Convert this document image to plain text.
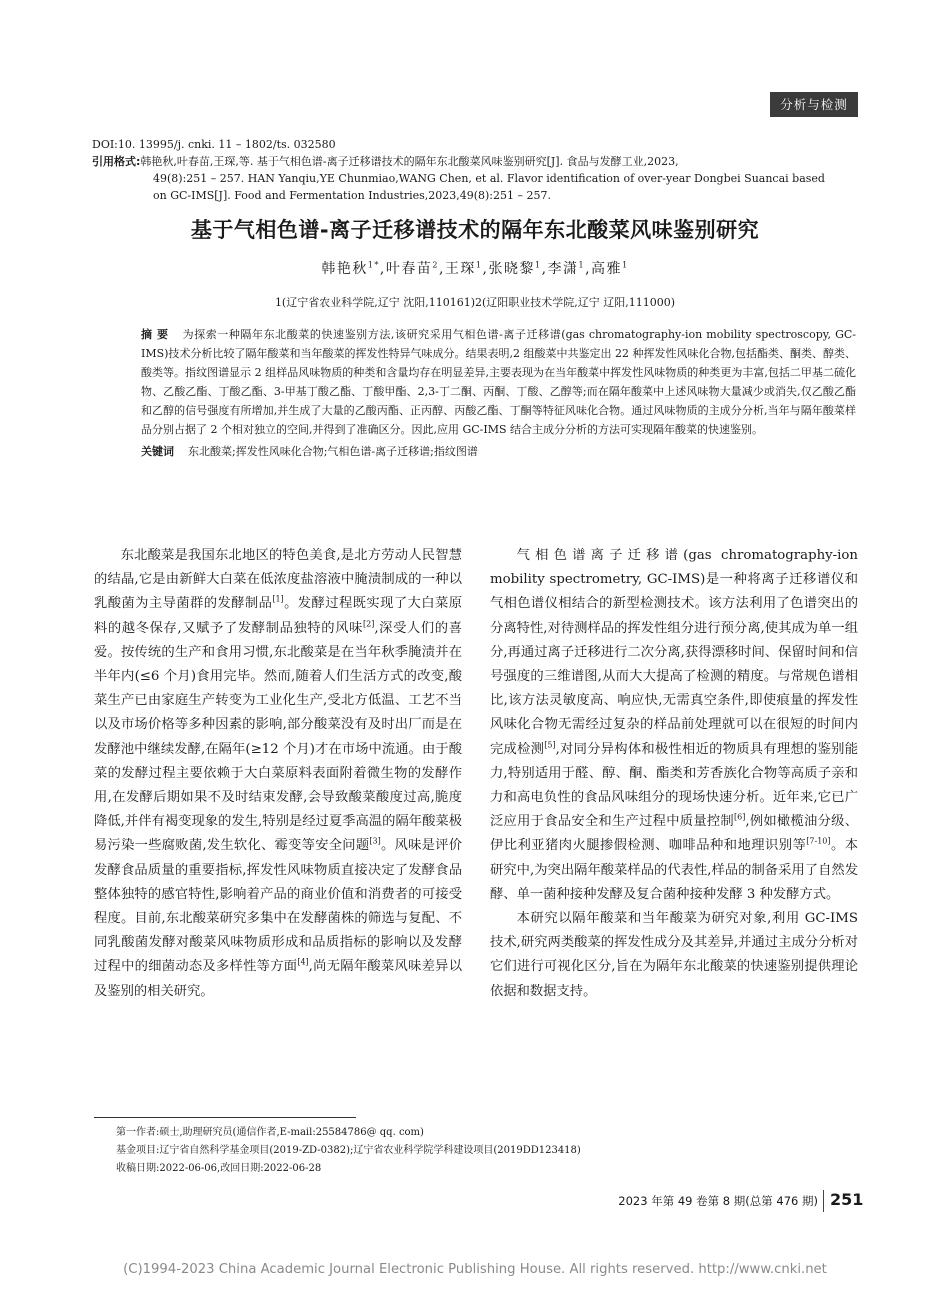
分析与检测
DOI:10. 13995/j. cnki. 11 – 1802/ts. 032580
引用格式:韩艳秋,叶春苗,王琛,等. 基于气相色谱-离子迁移谱技术的隔年东北酸菜风味鉴别研究[J]. 食品与发酵工业,2023,
49(8):251 – 257. HAN Yanqiu,YE Chunmiao,WANG Chen, et al. Flavor identification of over-year Dongbei Suancai based
on GC-IMS[J]. Food and Fermentation Industries,2023,49(8):251 – 257.
基于气相色谱-离子迁移谱技术的隔年东北酸菜风味鉴别研究
韩艳秋$^{1*}$,叶春苗$^2$,王琛$^1$,张晓黎$^1$,李潇$^1$,高雅$^1$
1(辽宁省农业科学院,辽宁 沈阳,110161)2(辽阳职业技术学院,辽宁 辽阳,111000)

摘 要 为探索一种隔年东北酸菜的快速鉴别方法,该研究采用气相色谱-离子迁移谱(gas chromatography-ion mobility spectroscopy, GC-IMS)技术分析比较了隔年酸菜和当年酸菜的挥发性特异气味成分。结果表明,2 组酸菜中共鉴定出 22 种挥发性风味化合物,包括酯类、酮类、醇类、酸类等。指纹图谱显示 2 组样品风味物质的种类和含量均存在明显差异,主要表现为在当年酸菜中挥发性风味物质的种类更为丰富,包括二甲基二硫化物、乙酸乙酯、丁酸乙酯、3-甲基丁酸乙酯、丁酸甲酯、2,3-丁二酮、丙酮、丁酸、乙醇等;而在隔年酸菜中上述风味物大量减少或消失,仅乙酸乙酯和乙醇的信号强度有所增加,并生成了大量的乙酸丙酯、正丙醇、丙酸乙酯、丁酮等特征风味化合物。通过风味物质的主成分分析,当年与隔年酸菜样品分别占据了 2 个相对独立的空间,并得到了准确区分。因此,应用 GC-IMS 结合主成分分析的方法可实现隔年酸菜的快速鉴别。

关键词 东北酸菜;挥发性风味化合物;气相色谱-离子迁移谱;指纹图谱

东北酸菜是我国东北地区的特色美食,是北方劳动人民智慧的结晶,它是由新鲜大白菜在低浓度盐溶液中腌渍制成的一种以乳酸菌为主导菌群的发酵制品[1]。发酵过程既实现了大白菜原料的越冬保存,又赋予了发酵制品独特的风味[2],深受人们的喜爱。按传统的生产和食用习惯,东北酸菜是在当年秋季腌渍并在半年内(≤6 个月)食用完毕。然而,随着人们生活方式的改变,酸菜生产已由家庭生产转变为工业化生产,受北方低温、工艺不当以及市场价格等多种因素的影响,部分酸菜没有及时出厂而是在发酵池中继续发酵,在隔年(≥12 个月)才在市场中流通。由于酸菜的发酵过程主要依赖于大白菜原料表面附着微生物的发酵作用,在发酵后期如果不及时结束发酵,会导致酸菜酸度过高,脆度降低,并伴有褐变现象的发生,特别是经过夏季高温的隔年酸菜极易污染一些腐败菌,发生软化、霉变等安全问题[3]。风味是评价发酵食品质量的重要指标,挥发性风味物质直接决定了发酵食品整体独特的感官特性,影响着产品的商业价值和消费者的可接受程度。目前,东北酸菜研究多集中在发酵菌株的筛选与复配、不同乳酸菌发酵对酸菜风味物质形成和品质指标的影响以及发酵过程中的细菌动态及多样性等方面[4],尚无隔年酸菜风味差异以及鉴别的相关研究。

气相色谱离子迁移谱(gas chromatography-ion mobility spectrometry, GC-IMS)是一种将离子迁移谱仪和气相色谱仪相结合的新型检测技术。该方法利用了色谱突出的分离特性,对待测样品的挥发性组分进行预分离,使其成为单一组分,再通过离子迁移进行二次分离,获得漂移时间、保留时间和信号强度的三维谱图,从而大大提高了检测的精度。与常规色谱相比,该方法灵敏度高、响应快,无需真空条件,即使痕量的挥发性风味化合物无需经过复杂的样品前处理就可以在很短的时间内完成检测[5],对同分异构体和极性相近的物质具有理想的鉴别能力,特别适用于醛、醇、酮、酯类和芳香族化合物等高质子亲和力和高电负性的食品风味组分的现场快速分析。近年来,它已广泛应用于食品安全和生产过程中质量控制[6],例如橄榄油分级、伊比利亚猪肉火腿掺假检测、咖啡品种和地理识别等[7-10]。本研究中,为突出隔年酸菜样品的代表性,样品的制备采用了自然发酵、单一菌种接种发酵及复合菌种接种发酵 3 种发酵方式。

本研究以隔年酸菜和当年酸菜为研究对象,利用 GC-IMS 技术,研究两类酸菜的挥发性成分及其差异,并通过主成分分析对它们进行可视化区分,旨在为隔年东北酸菜的快速鉴别提供理论依据和数据支持。

第一作者:硕士,助理研究员(通信作者,E-mail:25584786@ qq. com)
基金项目:辽宁省自然科学基金项目(2019-ZD-0382);辽宁省农业科学院学科建设项目(2019DD123418)
收稿日期:2022-06-06,改回日期:2022-06-28
2023 年第 49 卷第 8 期(总第 476 期) 251
(C)1994-2023 China Academic Journal Electronic Publishing House. All rights reserved. http://www.cnki.net
